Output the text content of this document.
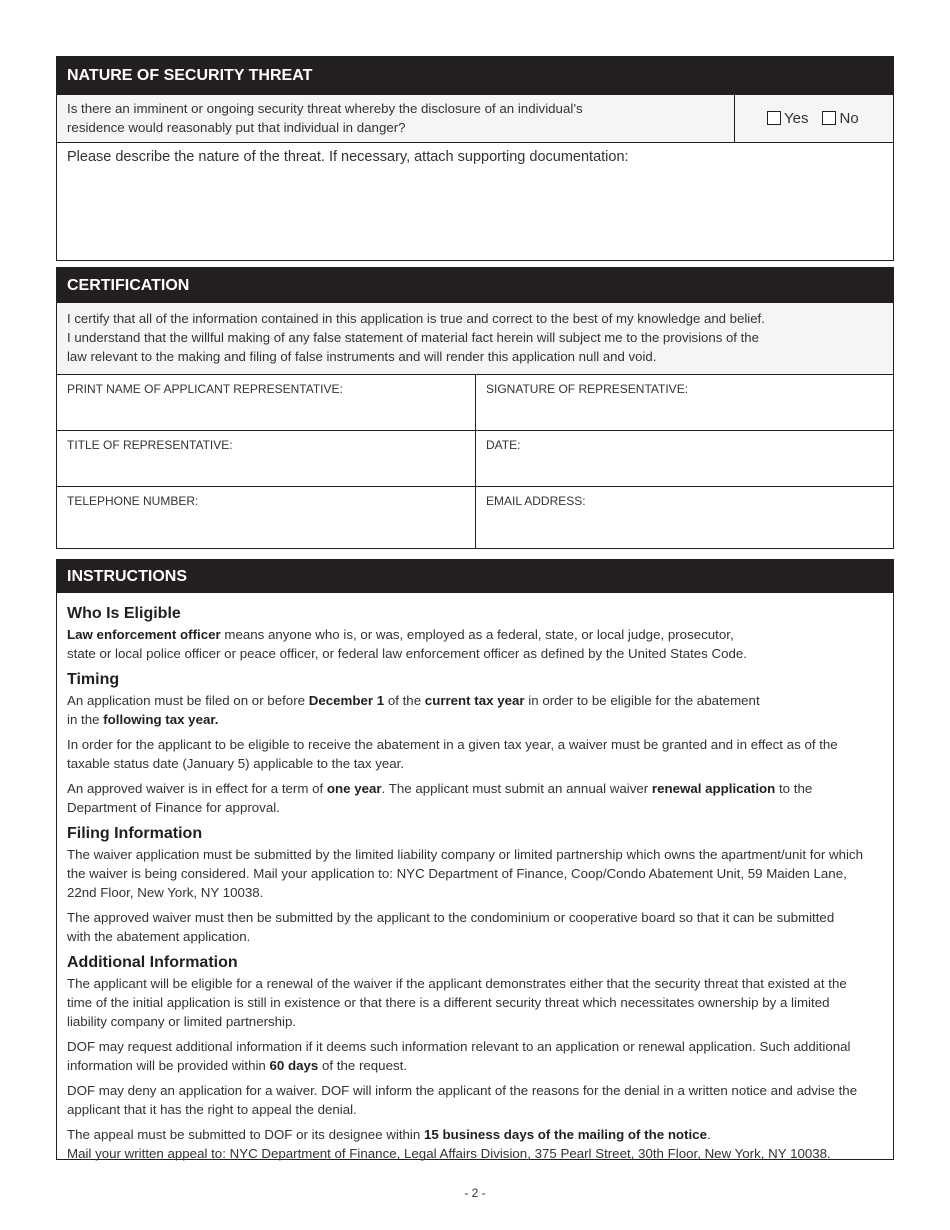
NATURE OF SECURITY THREAT
Is there an imminent or ongoing security threat whereby the disclosure of an individual’s
residence would reasonably put that individual in danger?
Yes	No
Please describe the nature of the threat. If necessary, attach supporting documentation:
CERTIFICATION
I certify that all of the information contained in this application is true and correct to the best of my knowledge and belief.
I understand that the willful making of any false statement of material fact herein will subject me to the provisions of the
law relevant to the making and filing of false instruments and will render this application null and void.
PRINT NAME OF APPLICANT REPRESENTATIVE:	SIGNATURE OF REPRESENTATIVE:
TITLE OF REPRESENTATIVE:	DATE:
TELEPHONE NUMBER:	EMAIL ADDRESS:
INSTRUCTIONS
Who Is Eligible

Law enforcement officer means anyone who is, or was, employed as a federal, state, or local judge, prosecutor,
state or local police officer or peace officer, or federal law enforcement officer as defined by the United States Code.

Timing

An application must be filed on or before December 1 of the current tax year in order to be eligible for the abatement
in the following tax year.

In order for the applicant to be eligible to receive the abatement in a given tax year, a waiver must be granted and in effect as of the
taxable status date (January 5) applicable to the tax year.

An approved waiver is in effect for a term of one year. The applicant must submit an annual waiver renewal application to the
Department of Finance for approval.

Filing Information

The waiver application must be submitted by the limited liability company or limited partnership which owns the apartment/unit for which
the waiver is being considered. Mail your application to: NYC Department of Finance, Coop/Condo Abatement Unit, 59 Maiden Lane,
22nd Floor, New York, NY 10038.

The approved waiver must then be submitted by the applicant to the condominium or cooperative board so that it can be submitted
with the abatement application.

Additional Information

The applicant will be eligible for a renewal of the waiver if the applicant demonstrates either that the security threat that existed at the
time of the initial application is still in existence or that there is a different security threat which necessitates ownership by a limited
liability company or limited partnership.

DOF may request additional information if it deems such information relevant to an application or renewal application. Such additional
information will be provided within 60 days of the request.

DOF may deny an application for a waiver. DOF will inform the applicant of the reasons for the denial in a written notice and advise the
applicant that it has the right to appeal the denial.

The appeal must be submitted to DOF or its designee within 15 business days of the mailing of the notice.
Mail your written appeal to: NYC Department of Finance, Legal Affairs Division, 375 Pearl Street, 30th Floor, New York, NY 10038.

- 2 -
